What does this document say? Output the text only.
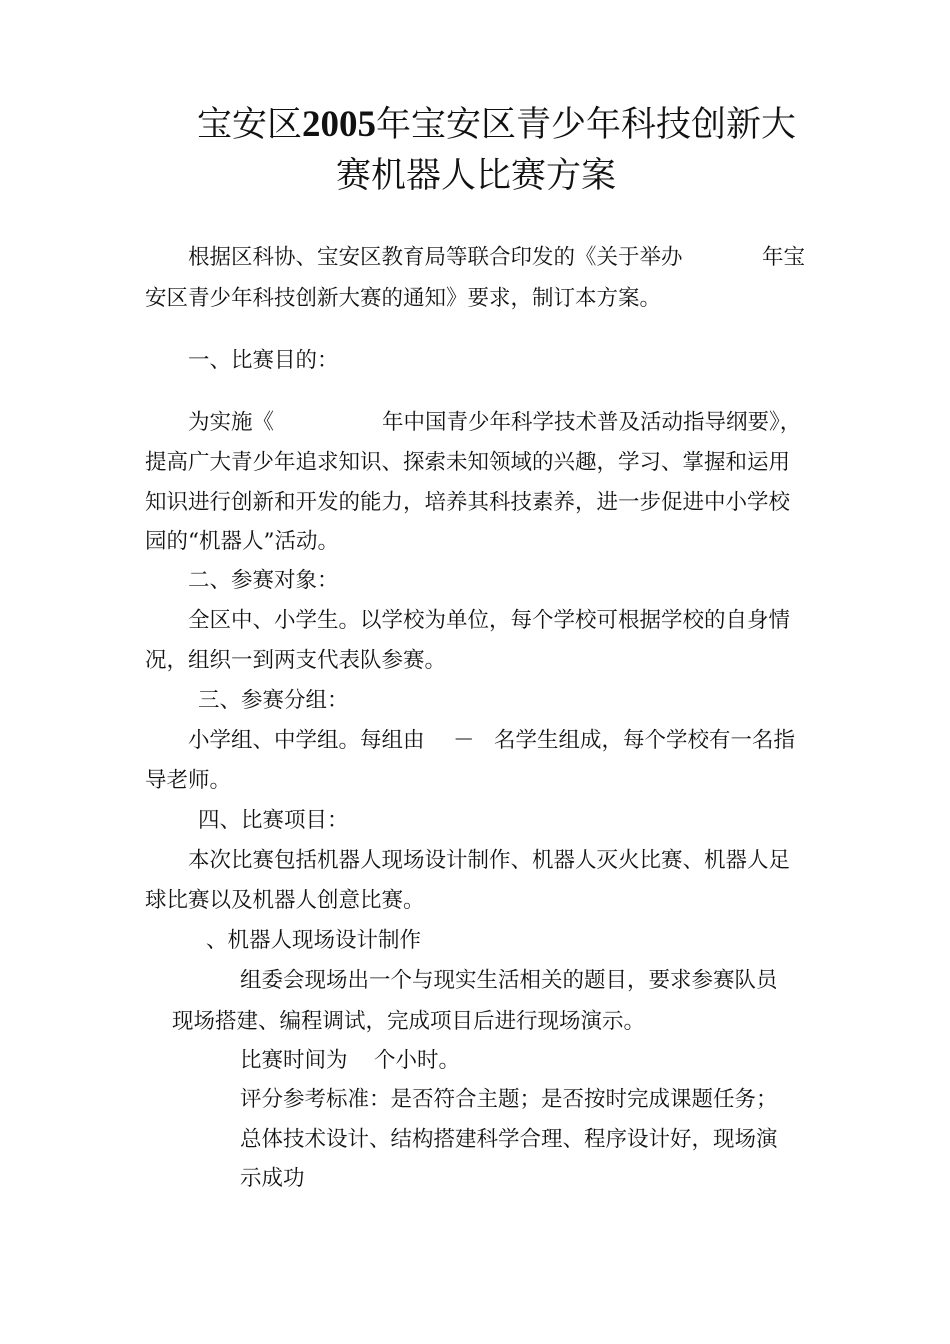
宝安区2005年宝安区青少年科技创新大
赛机器人比赛方案
根据区科协、宝安区教育局等联合印发的《关于举办	年宝
安区青少年科技创新大赛的通知》要求，制订本方案。
一、比赛目的：
为实施《	年中国青少年科学技术普及活动指导纲要》，
提高广大青少年追求知识、探索未知领域的兴趣，学习、掌握和运用
知识进行创新和开发的能力，培养其科技素养，进一步促进中小学校
园的“机器人”活动。
二、参赛对象：
全区中、小学生。以学校为单位，每个学校可根据学校的自身情
况，组织一到两支代表队参赛。
三、参赛分组：
小学组、中学组。每组由 － 名学生组成，每个学校有一名指
导老师。
四、比赛项目：
本次比赛包括机器人现场设计制作、机器人灭火比赛、机器人足
球比赛以及机器人创意比赛。
、机器人现场设计制作
组委会现场出一个与现实生活相关的题目，要求参赛队员
现场搭建、编程调试，完成项目后进行现场演示。
比赛时间为 个小时。
评分参考标准：是否符合主题；是否按时完成课题任务；
总体技术设计、结构搭建科学合理、程序设计好，现场演
示成功
